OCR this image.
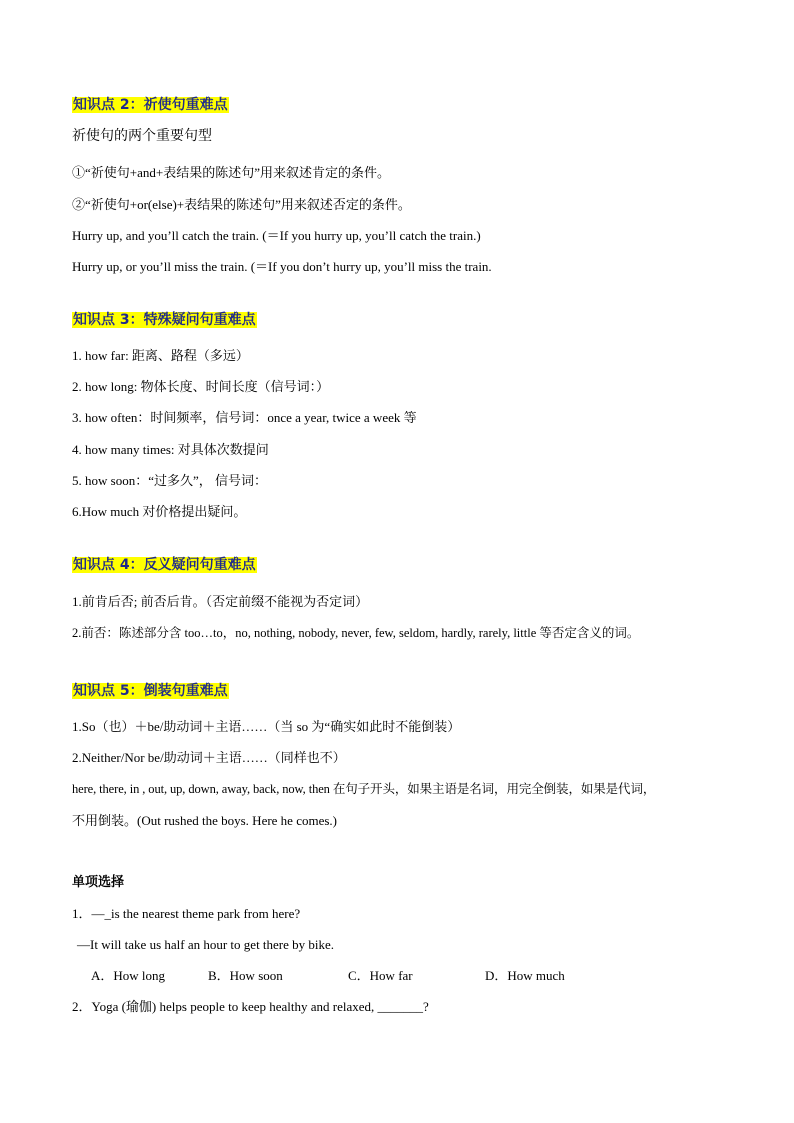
知识点 2：祈使句重难点
祈使句的两个重要句型
①“祈使句+and+表结果的陈述句”用来叙述肯定的条件。
②“祈使句+or(else)+表结果的陈述句”用来叙述否定的条件。
Hurry up, and you’ll catch the train. (＝If you hurry up, you’ll catch the train.)
Hurry up, or you’ll miss the train. (＝If you don’t hurry up, you’ll miss the train.
知识点 3：特殊疑问句重难点
1. how far: 距离、路程（多远）
2. how long: 物体长度、时间长度（信号词：）
3. how often：时间频率，信号词：once a year, twice a week 等
4. how many times: 对具体次数提问
5. how soon：“过多久”， 信号词：
6.How much 对价格提出疑问。
知识点 4：反义疑问句重难点
1.前肯后否; 前否后肯。（否定前缀不能视为否定词）
2.前否：陈述部分含 too…to，no, nothing, nobody, never, few, seldom, hardly, rarely, little 等否定含义的词。
知识点 5：倒装句重难点
1.So（也）＋be/助动词＋主语……（当 so 为“确实如此时不能倒装）
2.Neither/Nor be/助动词＋主语……（同样也不）
here, there, in , out, up, down, away, back, now, then 在句子开头，如果主语是名词，用完全倒装，如果是代词，
不用倒装。(Out rushed the boys. Here he comes.)
单项选择
1．—_is the nearest theme park from here?
—It will take us half an hour to get there by bike.
A．How long	B．How soon	C．How far	D．How much
2．Yoga (瑜伽) helps people to keep healthy and relaxed, _______?
